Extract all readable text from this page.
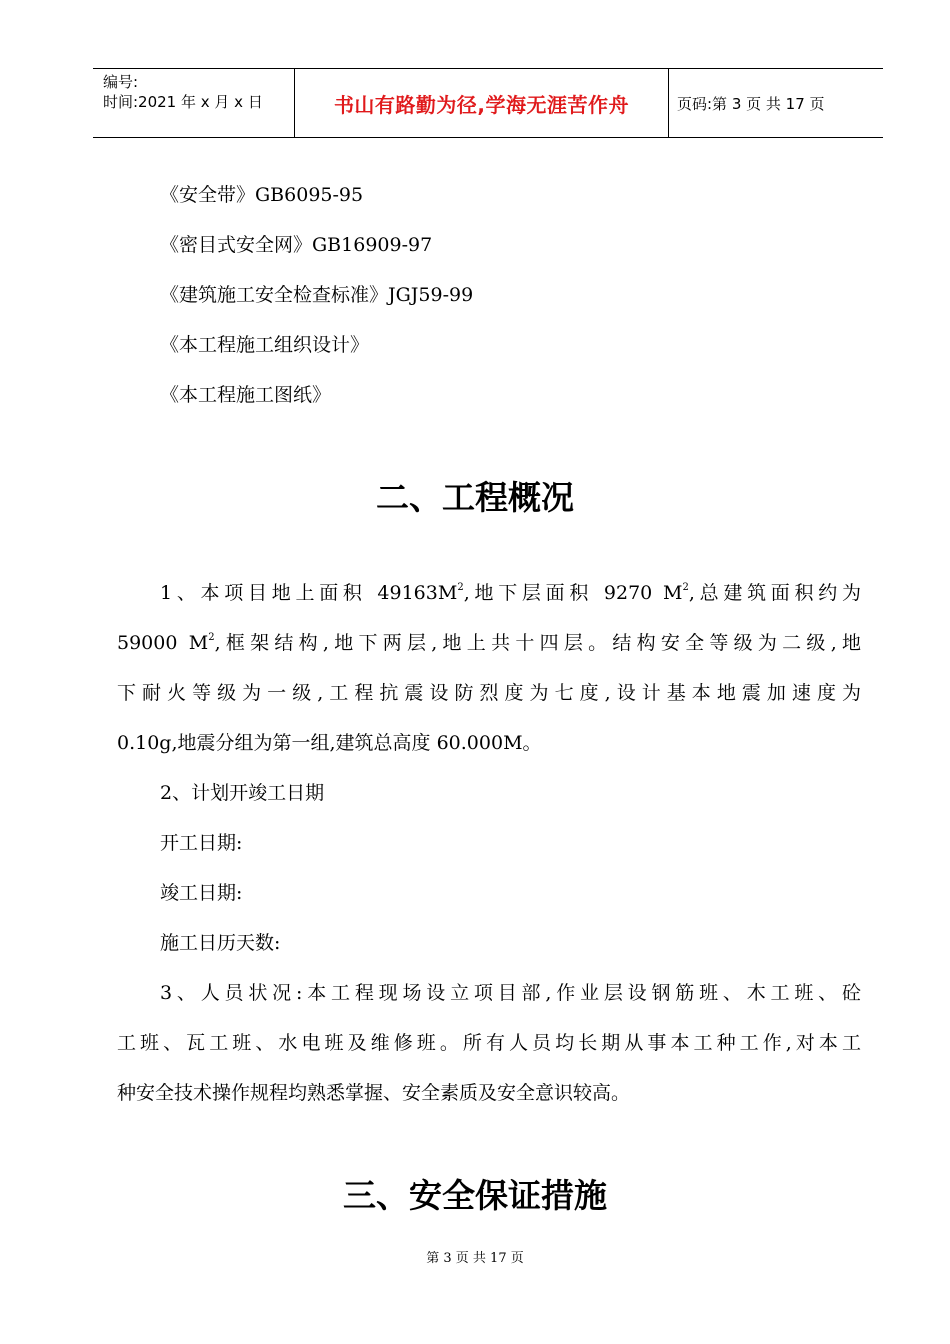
编号:
时间:2021 年 x 月 x 日	书山有路勤为径,学海无涯苦作舟	页码:第 3 页 共 17 页
《安全带》GB6095-95
《密目式安全网》GB16909-97
《建筑施工安全检查标准》JGJ59-99
《本工程施工组织设计》
《本工程施工图纸》
二、工程概况
1、本项目地上面积 $49163M^2$,地下层面积 9270 $M^2$,总建筑面积约为
59000 $M^2$,框架结构,地下两层,地上共十四层。结构安全等级为二级,地
下耐火等级为一级,工程抗震设防烈度为七度,设计基本地震加速度为
0.10g,地震分组为第一组,建筑总高度 60.000M。
2、计划开竣工日期
开工日期:
竣工日期:
施工日历天数:
3、人员状况:本工程现场设立项目部,作业层设钢筋班、木工班、砼
工班、瓦工班、水电班及维修班。所有人员均长期从事本工种工作,对本工
种安全技术操作规程均熟悉掌握、安全素质及安全意识较高。
三、安全保证措施
第 3 页 共 17 页
